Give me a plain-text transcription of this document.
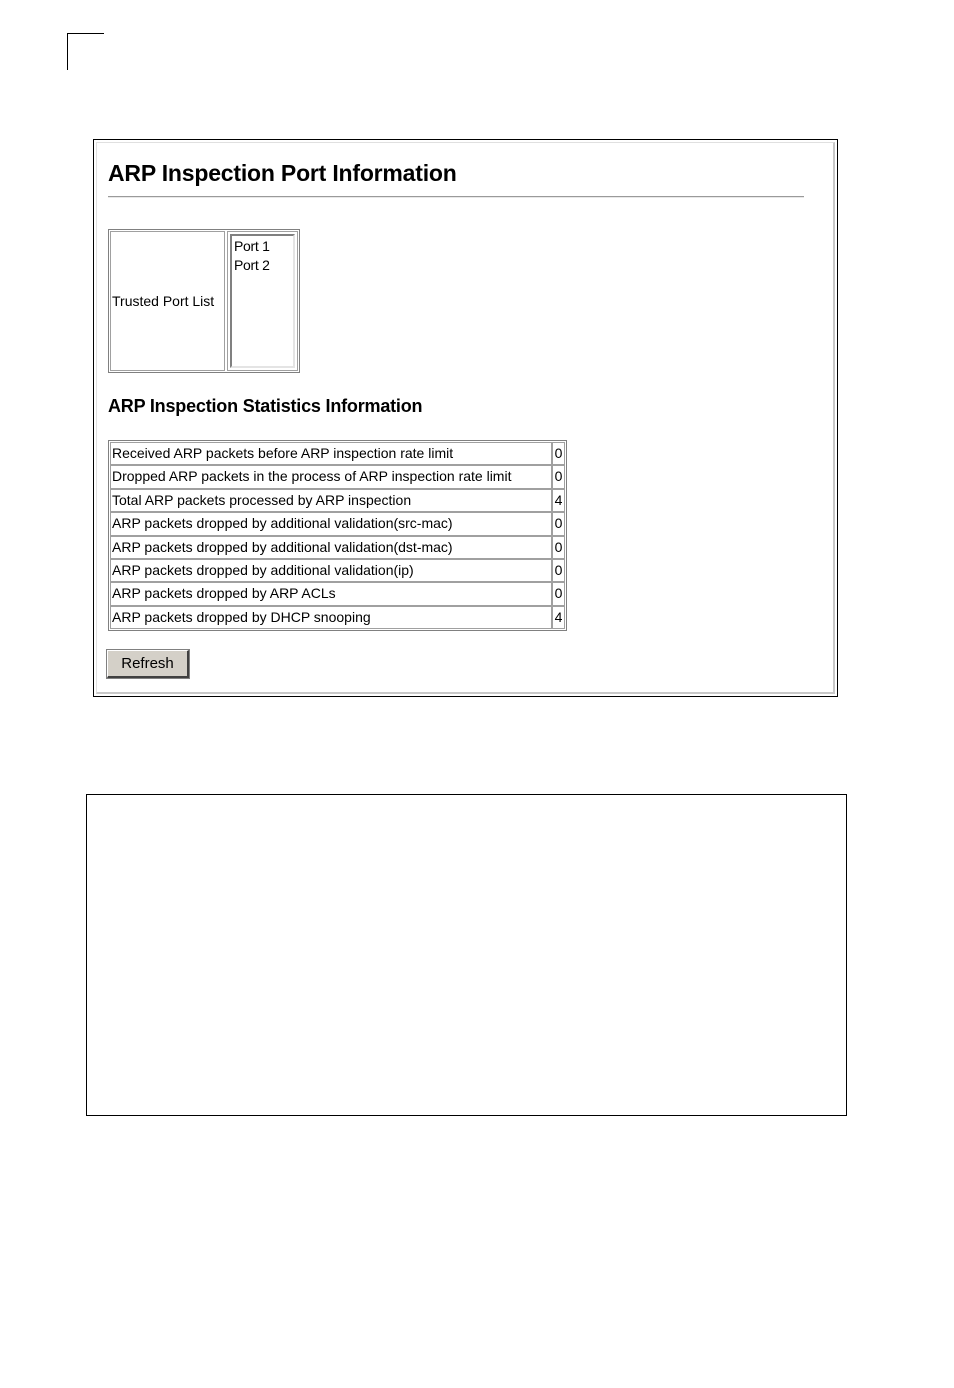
ARP Inspection Port Information
Trusted Port List
Port 1
Port 2
ARP Inspection Statistics Information
Received ARP packets before ARP inspection rate limit	0
Dropped ARP packets in the process of ARP inspection rate limit	0
Total ARP packets processed by ARP inspection	4
ARP packets dropped by additional validation(src-mac)	0
ARP packets dropped by additional validation(dst-mac)	0
ARP packets dropped by additional validation(ip)	0
ARP packets dropped by ARP ACLs	0
ARP packets dropped by DHCP snooping	4
Refresh
